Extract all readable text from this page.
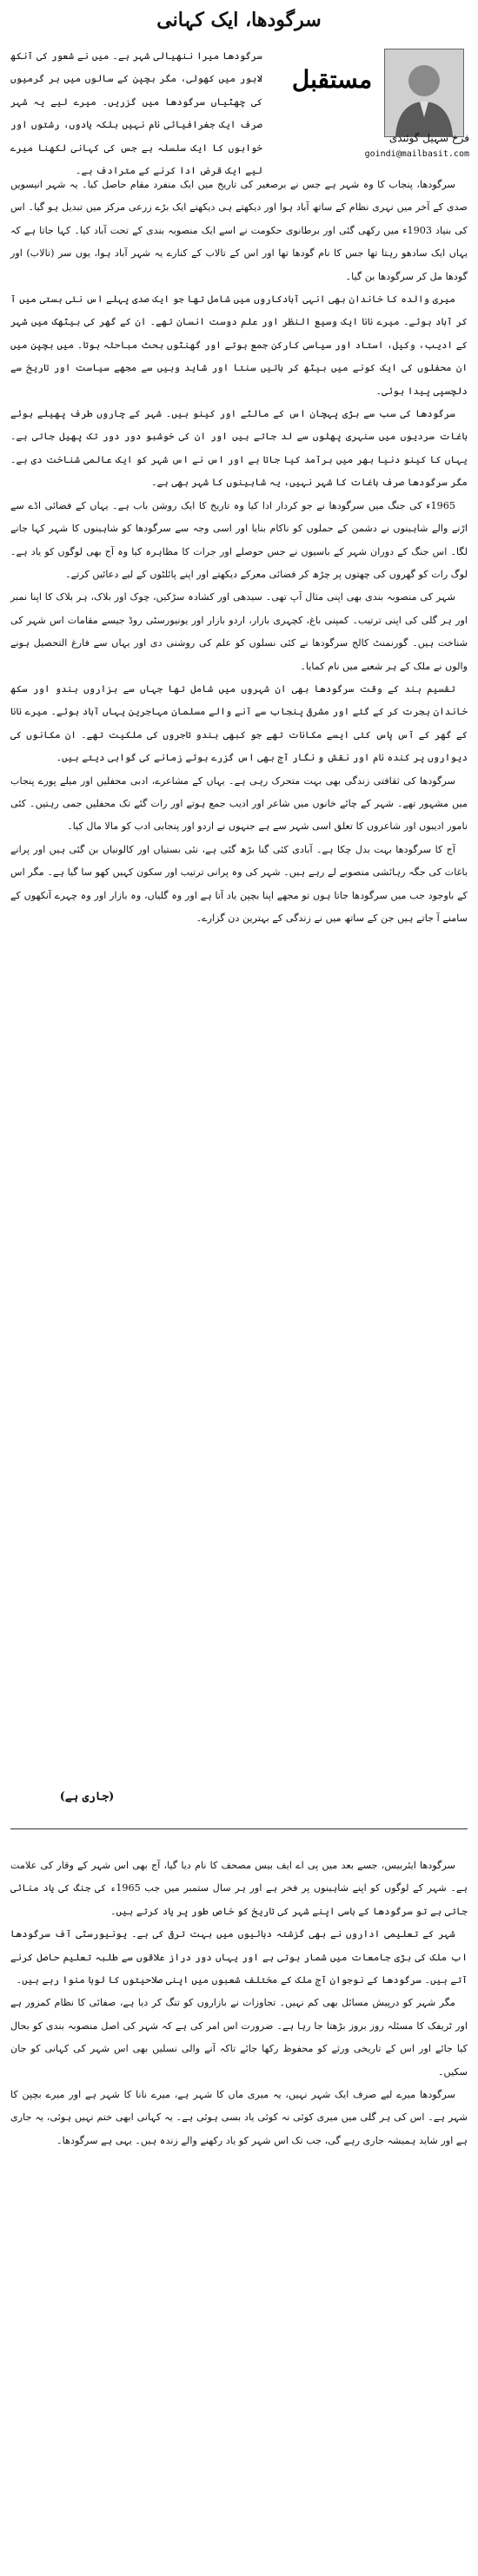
سرگودھا، ایک کہانی
مستقبل
فرخ سہیل گوئندی
goindi@mailbasit.com
سرگودھا میرا ننھیالی شہر ہے۔ میں نے شعور کی آنکھ لاہور میں کھولی، مگر بچپن کے سالوں میں ہر گرمیوں کی چھٹیاں سرگودھا میں گزریں۔ میرے لیے یہ شہر صرف ایک جغرافیائی نام نہیں بلکہ یادوں، رشتوں اور خوابوں کا ایک سلسلہ ہے جس کی کہانی لکھنا میرے لیے ایک قرض ادا کرنے کے مترادف ہے۔

سرگودھا، پنجاب کا وہ شہر ہے جس نے برصغیر کی تاریخ میں ایک منفرد مقام حاصل کیا۔ یہ شہر انیسویں صدی کے آخر میں نہری نظام کے ساتھ آباد ہوا اور دیکھتے ہی دیکھتے ایک بڑے زرعی مرکز میں تبدیل ہو گیا۔ اس کی بنیاد 1903ء میں رکھی گئی اور برطانوی حکومت نے اسے ایک منصوبہ بندی کے تحت آباد کیا۔ کہا جاتا ہے کہ یہاں ایک سادھو رہتا تھا جس کا نام گودھا تھا اور اس کے تالاب کے کنارے یہ شہر آباد ہوا، یوں سر (تالاب) اور گودھا مل کر سرگودھا بن گیا۔

میری والدہ کا خاندان بھی انہی آبادکاروں میں شامل تھا جو ایک صدی پہلے اس نئی بستی میں آ کر آباد ہوئے۔ میرے نانا ایک وسیع النظر اور علم دوست انسان تھے۔ ان کے گھر کی بیٹھک میں شہر کے ادیب، وکیل، استاد اور سیاسی کارکن جمع ہوتے اور گھنٹوں بحث مباحثہ ہوتا۔ میں بچپن میں ان محفلوں کی ایک کونے میں بیٹھ کر باتیں سنتا اور شاید وہیں سے مجھے سیاست اور تاریخ سے دلچسپی پیدا ہوئی۔

سرگودھا کی سب سے بڑی پہچان اس کے مالٹے اور کینو ہیں۔ شہر کے چاروں طرف پھیلے ہوئے باغات سردیوں میں سنہری پھلوں سے لد جاتے ہیں اور ان کی خوشبو دور دور تک پھیل جاتی ہے۔ یہاں کا کینو دنیا بھر میں برآمد کیا جاتا ہے اور اس نے اس شہر کو ایک عالمی شناخت دی ہے۔ مگر سرگودھا صرف باغات کا شہر نہیں، یہ شاہینوں کا شہر بھی ہے۔

1965ء کی جنگ میں سرگودھا نے جو کردار ادا کیا وہ تاریخ کا ایک روشن باب ہے۔ یہاں کے فضائی اڈے سے اڑنے والے شاہینوں نے دشمن کے حملوں کو ناکام بنایا اور اسی وجہ سے سرگودھا کو شاہینوں کا شہر کہا جانے لگا۔ اس جنگ کے دوران شہر کے باسیوں نے جس حوصلے اور جرات کا مظاہرہ کیا وہ آج بھی لوگوں کو یاد ہے۔ لوگ رات کو گھروں کی چھتوں پر چڑھ کر فضائی معرکے دیکھتے اور اپنے پائلٹوں کے لیے دعائیں کرتے۔

شہر کی منصوبہ بندی بھی اپنی مثال آپ تھی۔ سیدھی اور کشادہ سڑکیں، چوک اور بلاک، ہر بلاک کا اپنا نمبر اور ہر گلی کی اپنی ترتیب۔ کمپنی باغ، کچہری بازار، اردو بازار اور یونیورسٹی روڈ جیسے مقامات اس شہر کی شناخت ہیں۔ گورنمنٹ کالج سرگودھا نے کئی نسلوں کو علم کی روشنی دی اور یہاں سے فارغ التحصیل ہونے والوں نے ملک کے ہر شعبے میں نام کمایا۔

تقسیم ہند کے وقت سرگودھا بھی ان شہروں میں شامل تھا جہاں سے ہزاروں ہندو اور سکھ خاندان ہجرت کر کے گئے اور مشرقی پنجاب سے آنے والے مسلمان مہاجرین یہاں آباد ہوئے۔ میرے نانا کے گھر کے آس پاس کئی ایسے مکانات تھے جو کبھی ہندو تاجروں کی ملکیت تھے۔ ان مکانوں کی دیواروں پر کندہ نام اور نقش و نگار آج بھی اس گزرے ہوئے زمانے کی گواہی دیتے ہیں۔

سرگودھا کی ثقافتی زندگی بھی بہت متحرک رہی ہے۔ یہاں کے مشاعرے، ادبی محفلیں اور میلے پورے پنجاب میں مشہور تھے۔ شہر کے چائے خانوں میں شاعر اور ادیب جمع ہوتے اور رات گئے تک محفلیں جمی رہتیں۔ کئی نامور ادیبوں اور شاعروں کا تعلق اسی شہر سے ہے جنہوں نے اردو اور پنجابی ادب کو مالا مال کیا۔

آج کا سرگودھا بہت بدل چکا ہے۔ آبادی کئی گنا بڑھ گئی ہے، نئی بستیاں اور کالونیاں بن گئی ہیں اور پرانے باغات کی جگہ رہائشی منصوبے لے رہے ہیں۔ شہر کی وہ پرانی ترتیب اور سکون کہیں کھو سا گیا ہے۔ مگر اس کے باوجود جب میں سرگودھا جاتا ہوں تو مجھے اپنا بچپن یاد آتا ہے اور وہ گلیاں، وہ بازار اور وہ چہرے آنکھوں کے سامنے آ جاتے ہیں جن کے ساتھ میں نے زندگی کے بہترین دن گزارے۔

(جاری ہے)

سرگودھا ایئربیس، جسے بعد میں پی اے ایف بیس مصحف کا نام دیا گیا، آج بھی اس شہر کے وقار کی علامت ہے۔ شہر کے لوگوں کو اپنے شاہینوں پر فخر ہے اور ہر سال ستمبر میں جب 1965ء کی جنگ کی یاد منائی جاتی ہے تو سرگودھا کے باسی اپنے شہر کی تاریخ کو خاص طور پر یاد کرتے ہیں۔

شہر کے تعلیمی اداروں نے بھی گزشتہ دہائیوں میں بہت ترقی کی ہے۔ یونیورسٹی آف سرگودھا اب ملک کی بڑی جامعات میں شمار ہوتی ہے اور یہاں دور دراز علاقوں سے طلبہ تعلیم حاصل کرنے آتے ہیں۔ سرگودھا کے نوجوان آج ملک کے مختلف شعبوں میں اپنی صلاحیتوں کا لوہا منوا رہے ہیں۔

مگر شہر کو درپیش مسائل بھی کم نہیں۔ تجاوزات نے بازاروں کو تنگ کر دیا ہے، صفائی کا نظام کمزور ہے اور ٹریفک کا مسئلہ روز بروز بڑھتا جا رہا ہے۔ ضرورت اس امر کی ہے کہ شہر کی اصل منصوبہ بندی کو بحال کیا جائے اور اس کے تاریخی ورثے کو محفوظ رکھا جائے تاکہ آنے والی نسلیں بھی اس شہر کی کہانی کو جان سکیں۔

سرگودھا میرے لیے صرف ایک شہر نہیں، یہ میری ماں کا شہر ہے، میرے نانا کا شہر ہے اور میرے بچپن کا شہر ہے۔ اس کی ہر گلی میں میری کوئی نہ کوئی یاد بسی ہوئی ہے۔ یہ کہانی ابھی ختم نہیں ہوئی، یہ جاری ہے اور شاید ہمیشہ جاری رہے گی، جب تک اس شہر کو یاد رکھنے والے زندہ ہیں۔ یہی ہے سرگودھا۔
